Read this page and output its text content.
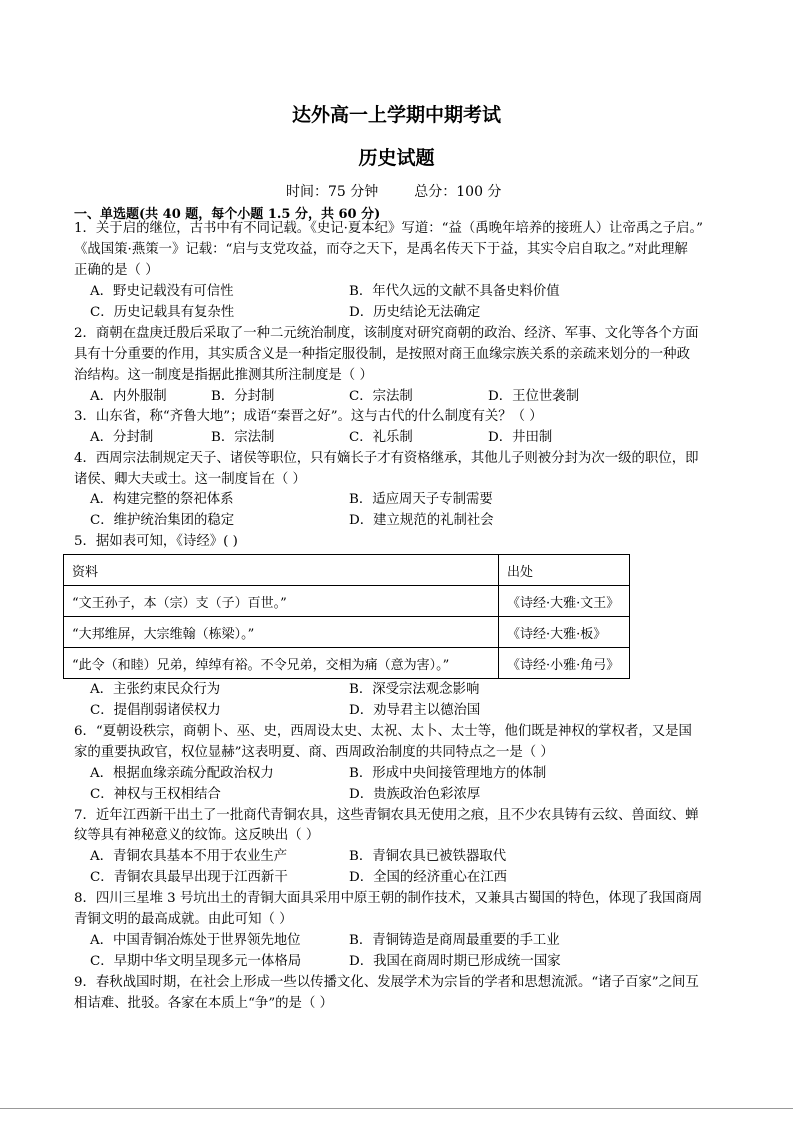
达外高一上学期中期考试
历史试题
时间：75 分钟	总分：100 分
一、单选题(共 40 题，每个小题 1.5 分，共 60 分)
1．关于启的继位，古书中有不同记载。《史记·夏本纪》写道：“益（禹晚年培养的接班人）让帝禹之子启。”
《战国策·燕策一》记载：“启与支党攻益，而夺之天下，是禹名传天下于益，其实令启自取之。”对此理解
正确的是（ ）
A．野史记载没有可信性	B．年代久远的文献不具备史料价值
C．历史记载具有复杂性	D．历史结论无法确定
2．商朝在盘庚迁殷后采取了一种二元统治制度，该制度对研究商朝的政治、经济、军事、文化等各个方面
具有十分重要的作用，其实质含义是一种指定服役制，是按照对商王血缘宗族关系的亲疏来划分的一种政
治结构。这一制度是指据此推测其所注制度是（ ）
A．内外服制	B．分封制	C．宗法制	D．王位世袭制
3．山东省，称“齐鲁大地”；成语“秦晋之好”。这与古代的什么制度有关？（ ）
A．分封制	B．宗法制	C．礼乐制	D．井田制
4．西周宗法制规定天子、诸侯等职位，只有嫡长子才有资格继承，其他儿子则被分封为次一级的职位，即
诸侯、卿大夫或士。这一制度旨在（ ）
A．构建完整的祭祀体系	B．适应周天子专制需要
C．维护统治集团的稳定	D．建立规范的礼制社会
5．据如表可知，《诗经》( )
资料	出处
“文王孙子，本（宗）支（子）百世。”	《诗经·大雅·文王》
“大邦维屏，大宗维翰（栋梁）。”	《诗经·大雅·板》
“此令（和睦）兄弟，绰绰有裕。不令兄弟，交相为痛（意为害）。”	《诗经·小雅·角弓》
A．主张约束民众行为	B．深受宗法观念影响
C．提倡削弱诸侯权力	D．劝导君主以德治国
6．“夏朝设秩宗，商朝卜、巫、史，西周设太史、太祝、太卜、太士等，他们既是神权的掌权者，又是国
家的重要执政官，权位显赫”这表明夏、商、西周政治制度的共同特点之一是（ ）
A．根据血缘亲疏分配政治权力	B．形成中央间接管理地方的体制
C．神权与王权相结合	D．贵族政治色彩浓厚
7．近年江西新干出土了一批商代青铜农具，这些青铜农具无使用之痕，且不少农具铸有云纹、兽面纹、蝉
纹等具有神秘意义的纹饰。这反映出（ ）
A．青铜农具基本不用于农业生产	B．青铜农具已被铁器取代
C．青铜农具最早出现于江西新干	D．全国的经济重心在江西
8．四川三星堆 3 号坑出土的青铜大面具采用中原王朝的制作技术，又兼具古蜀国的特色，体现了我国商周
青铜文明的最高成就。由此可知（ ）
A．中国青铜冶炼处于世界领先地位	B．青铜铸造是商周最重要的手工业
C．早期中华文明呈现多元一体格局	D．我国在商周时期已形成统一国家
9．春秋战国时期，在社会上形成一些以传播文化、发展学术为宗旨的学者和思想流派。“诸子百家”之间互
相诘难、批驳。各家在本质上“争”的是（ ）
